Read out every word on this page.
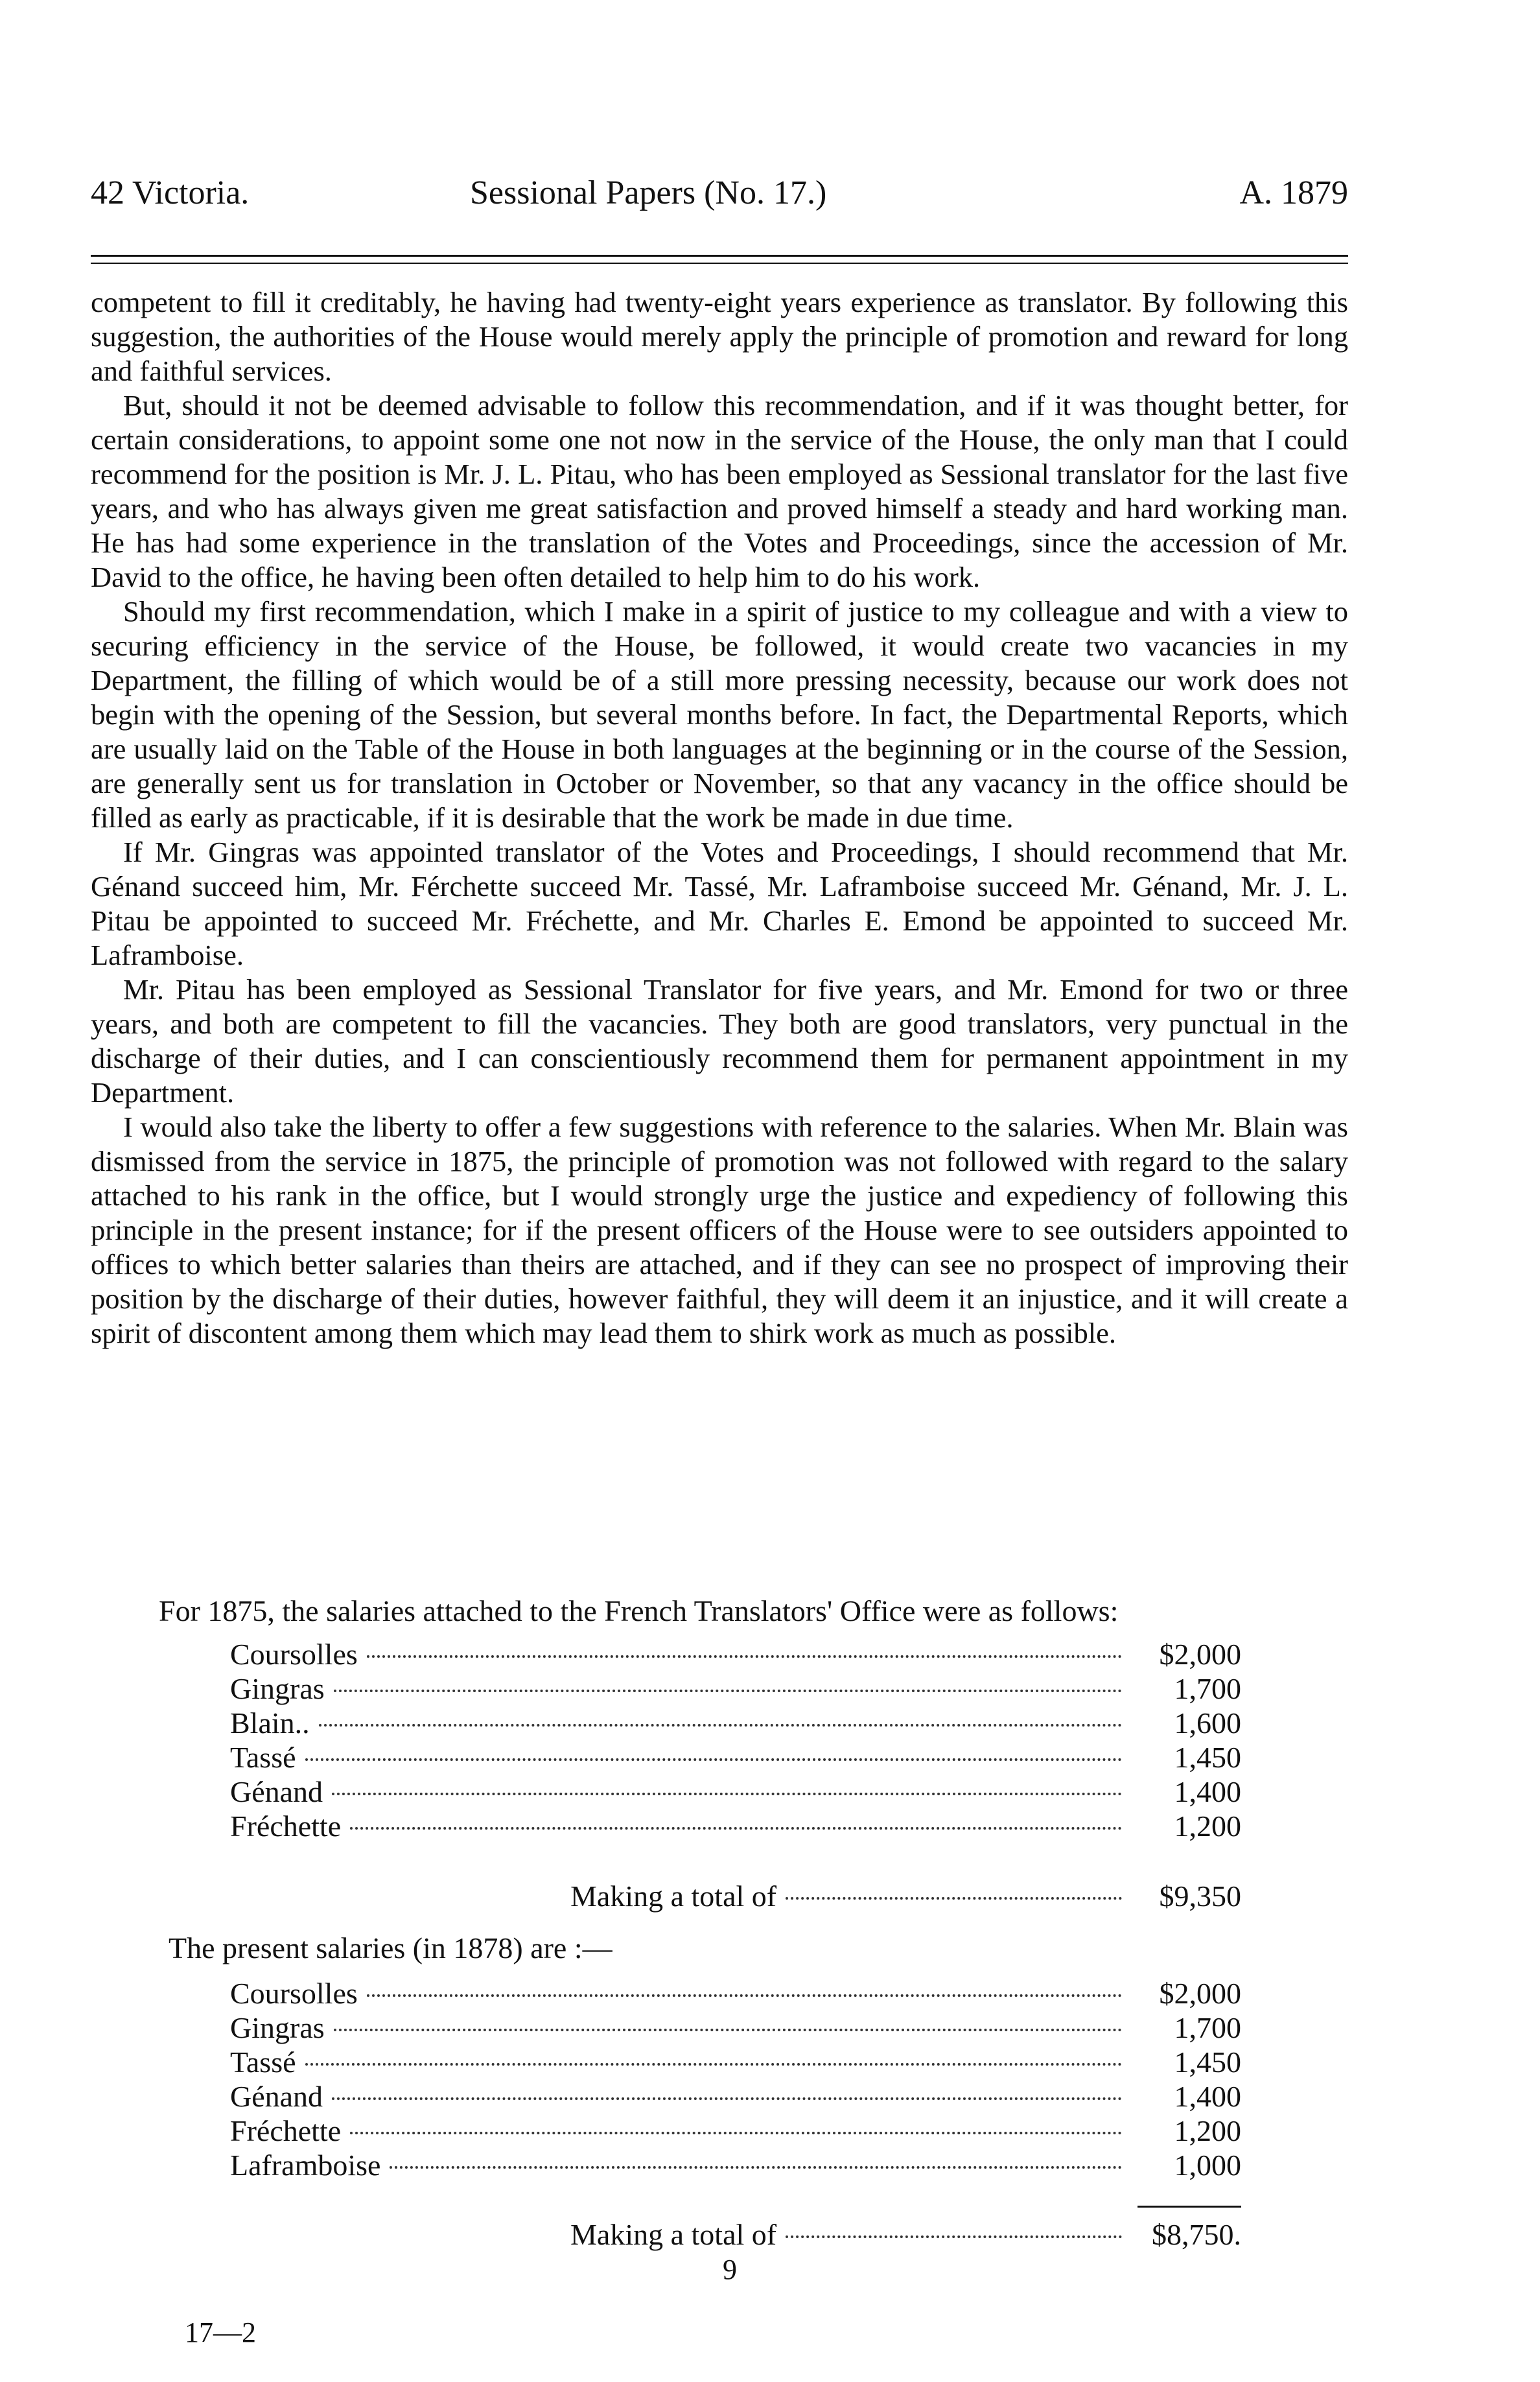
42 Victoria.	Sessional Papers (No. 17.)	A. 1879

competent to fill it creditably, he having had twenty-eight years experience as translator. By following this suggestion, the authorities of the House would merely apply the principle of promotion and reward for long and faithful services.

But, should it not be deemed advisable to follow this recommendation, and if it was thought better, for certain considerations, to appoint some one not now in the service of the House, the only man that I could recommend for the position is Mr. J. L. Pitau, who has been employed as Sessional translator for the last five years, and who has always given me great satisfaction and proved himself a steady and hard working man. He has had some experience in the translation of the Votes and Proceedings, since the accession of Mr. David to the office, he having been often detailed to help him to do his work.

Should my first recommendation, which I make in a spirit of justice to my colleague and with a view to securing efficiency in the service of the House, be followed, it would create two vacancies in my Department, the filling of which would be of a still more pressing necessity, because our work does not begin with the opening of the Session, but several months before. In fact, the Departmental Reports, which are usually laid on the Table of the House in both languages at the beginning or in the course of the Session, are generally sent us for translation in October or November, so that any vacancy in the office should be filled as early as practicable, if it is desirable that the work be made in due time.

If Mr. Gingras was appointed translator of the Votes and Proceedings, I should recommend that Mr. Génand succeed him, Mr. Férchette succeed Mr. Tassé, Mr. Laframboise succeed Mr. Génand, Mr. J. L. Pitau be appointed to succeed Mr. Fréchette, and Mr. Charles E. Emond be appointed to succeed Mr. Laframboise.

Mr. Pitau has been employed as Sessional Translator for five years, and Mr. Emond for two or three years, and both are competent to fill the vacancies. They both are good translators, very punctual in the discharge of their duties, and I can conscientiously recommend them for permanent appointment in my Department.

I would also take the liberty to offer a few suggestions with reference to the salaries. When Mr. Blain was dismissed from the service in 1875, the principle of promotion was not followed with regard to the salary attached to his rank in the office, but I would strongly urge the justice and expediency of following this principle in the present instance; for if the present officers of the House were to see outsiders appointed to offices to which better salaries than theirs are attached, and if they can see no prospect of improving their position by the discharge of their duties, however faithful, they will deem it an injustice, and it will create a spirit of discontent among them which may lead them to shirk work as much as possible.

For 1875, the salaries attached to the French Translators' Office were as follows:
Coursolles	$2,000
Gingras	1,700
Blain..	1,600
Tassé	1,450
Génand	1,400
Fréchette	1,200
Making a total of	$9,350
The present salaries (in 1878) are :—
Coursolles	$2,000
Gingras	1,700
Tassé	1,450
Génand	1,400
Fréchette	1,200
Laframboise	1,000
Making a total of	$8,750.
9
17—2
